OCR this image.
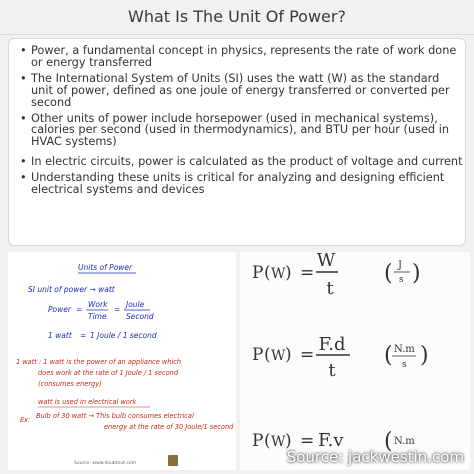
What Is The Unit Of Power?
• Power, a fundamental concept in physics, represents the rate of work done or energy transferred
• The International System of Units (SI) uses the watt (W) as the standard unit of power, defined as one joule of energy transferred or converted per second
• Other units of power include horsepower (used in mechanical systems), calories per second (used in thermodynamics), and BTU per hour (used in HVAC systems)
• In electric circuits, power is calculated as the product of voltage and current
• Understanding these units is critical for analyzing and designing efficient electrical systems and devices
Units of Power
SI unit of power → watt
Power =
Work
Time
=
Joule
Second
1 watt = 1 Joule / 1 second
1 watt : 1 watt is the power of an appliance which
does work at the rate of 1 Joule / 1 second
(consumes energy)
watt is used in electrical work
Ex: Bulb of 30 watt → This bulb consumes electrical
energy at the rate of 30 Joule/1 second
Source: www.doubtnut.com
P ( W ) =
W
t
( J
s )
P ( W ) = F.d
t
( N.m
s )
P ( W ) = F.v ( N.m
Source: jackwestin.com
